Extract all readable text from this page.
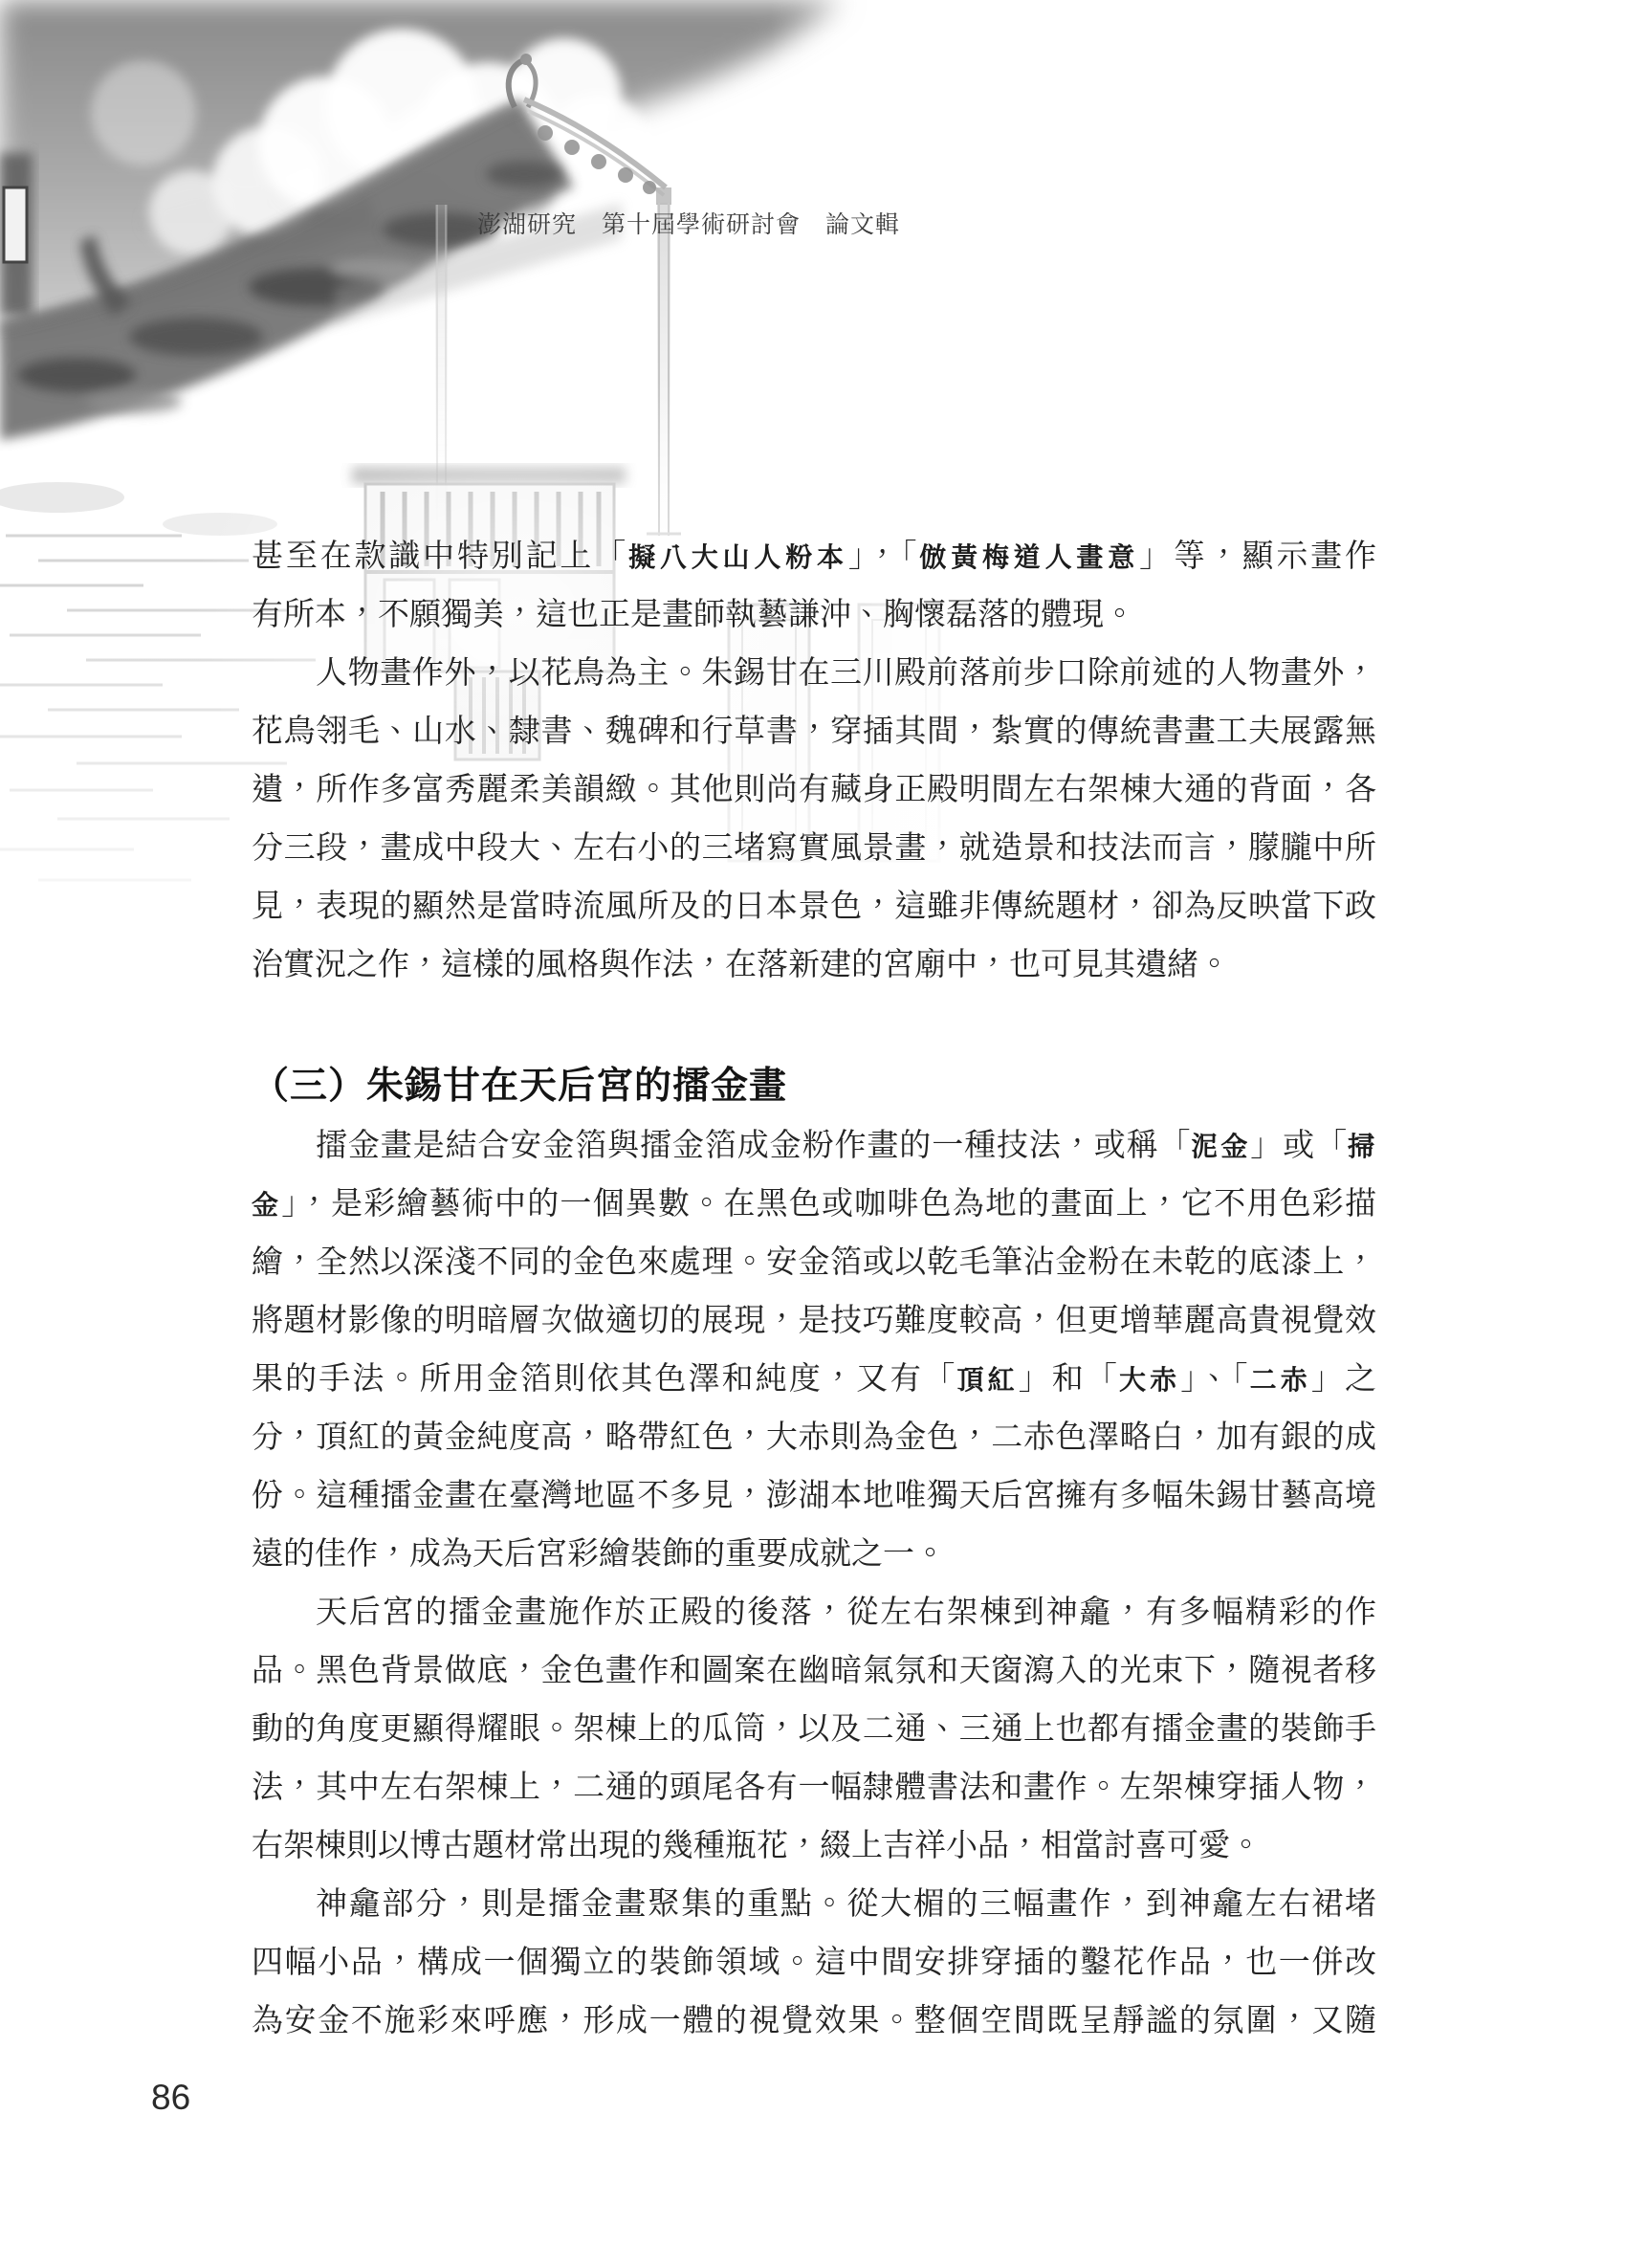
澎湖研究　第十屆學術研討會　論文輯
甚至在款識中特別記上「擬八大山人粉本」，「倣黃梅道人畫意」等，顯示畫作
有所本，不願獨美，這也正是畫師執藝謙沖、胸懷磊落的體現。
人物畫作外，以花鳥為主。朱錫甘在三川殿前落前步口除前述的人物畫外，
花鳥翎毛、山水、隸書、魏碑和行草書，穿插其間，紮實的傳統書畫工夫展露無
遺，所作多富秀麗柔美韻緻。其他則尚有藏身正殿明間左右架棟大通的背面，各
分三段，畫成中段大、左右小的三堵寫實風景畫，就造景和技法而言，朦朧中所
見，表現的顯然是當時流風所及的日本景色，這雖非傳統題材，卻為反映當下政
治實況之作，這樣的風格與作法，在落新建的宮廟中，也可見其遺緒。
（三）朱錫甘在天后宮的擂金畫
擂金畫是結合安金箔與擂金箔成金粉作畫的一種技法，或稱「泥金」或「掃
金」，是彩繪藝術中的一個異數。在黑色或咖啡色為地的畫面上，它不用色彩描
繪，全然以深淺不同的金色來處理。安金箔或以乾毛筆沾金粉在未乾的底漆上，
將題材影像的明暗層次做適切的展現，是技巧難度較高，但更增華麗高貴視覺效
果的手法。所用金箔則依其色澤和純度，又有「頂紅」和「大赤」、「二赤」之
分，頂紅的黃金純度高，略帶紅色，大赤則為金色，二赤色澤略白，加有銀的成
份。這種擂金畫在臺灣地區不多見，澎湖本地唯獨天后宮擁有多幅朱錫甘藝高境
遠的佳作，成為天后宮彩繪裝飾的重要成就之一。
天后宮的擂金畫施作於正殿的後落，從左右架棟到神龕，有多幅精彩的作
品。黑色背景做底，金色畫作和圖案在幽暗氣氛和天窗瀉入的光束下，隨視者移
動的角度更顯得耀眼。架棟上的瓜筒，以及二通、三通上也都有擂金畫的裝飾手
法，其中左右架棟上，二通的頭尾各有一幅隸體書法和畫作。左架棟穿插人物，
右架棟則以博古題材常出現的幾種瓶花，綴上吉祥小品，相當討喜可愛。
神龕部分，則是擂金畫聚集的重點。從大楣的三幅畫作，到神龕左右裙堵
四幅小品，構成一個獨立的裝飾領域。這中間安排穿插的鑿花作品，也一併改
為安金不施彩來呼應，形成一體的視覺效果。整個空間既呈靜謐的氛圍，又隨
86
